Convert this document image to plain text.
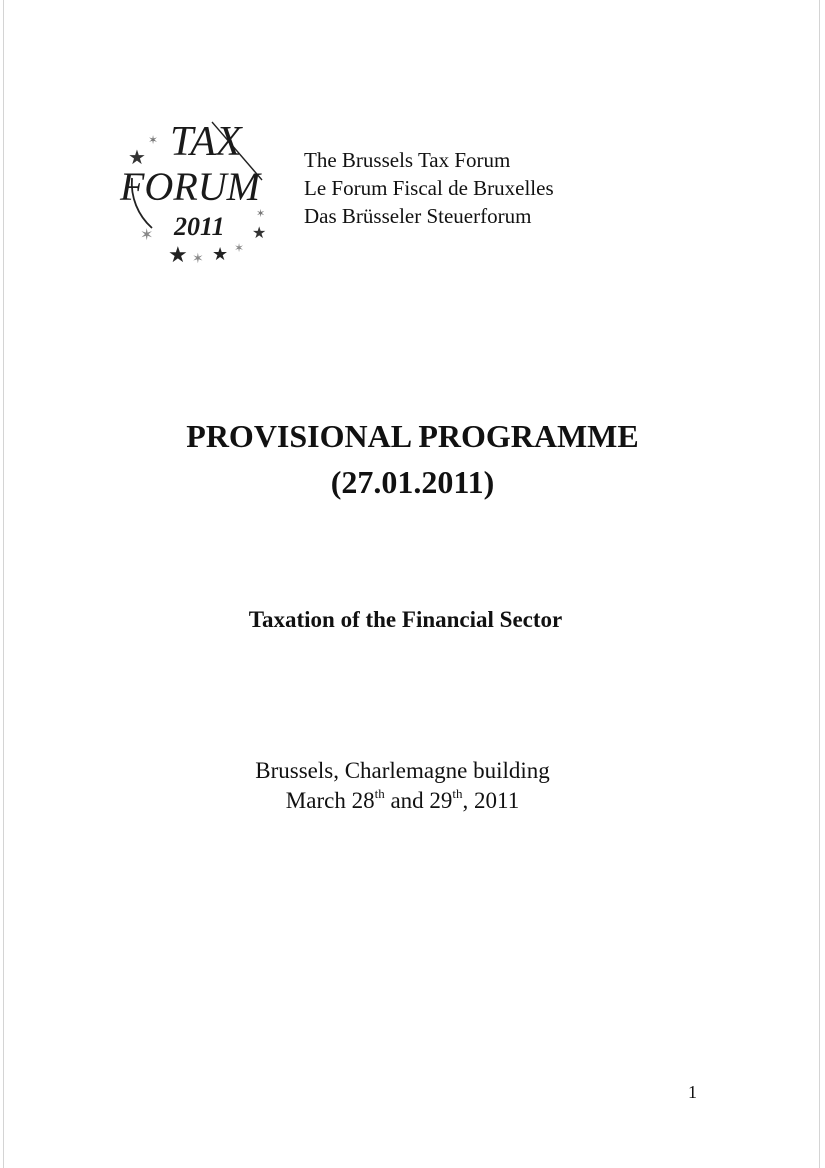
TAX
FORUM
2011
★
✶
★
✶
✶
★ ✶ ★ ✶
The Brussels Tax Forum
Le Forum Fiscal de Bruxelles
Das Brüsseler Steuerforum
PROVISIONAL PROGRAMME
(27.01.2011)
Taxation of the Financial Sector
Brussels, Charlemagne building
March 28th and 29th, 2011
1
